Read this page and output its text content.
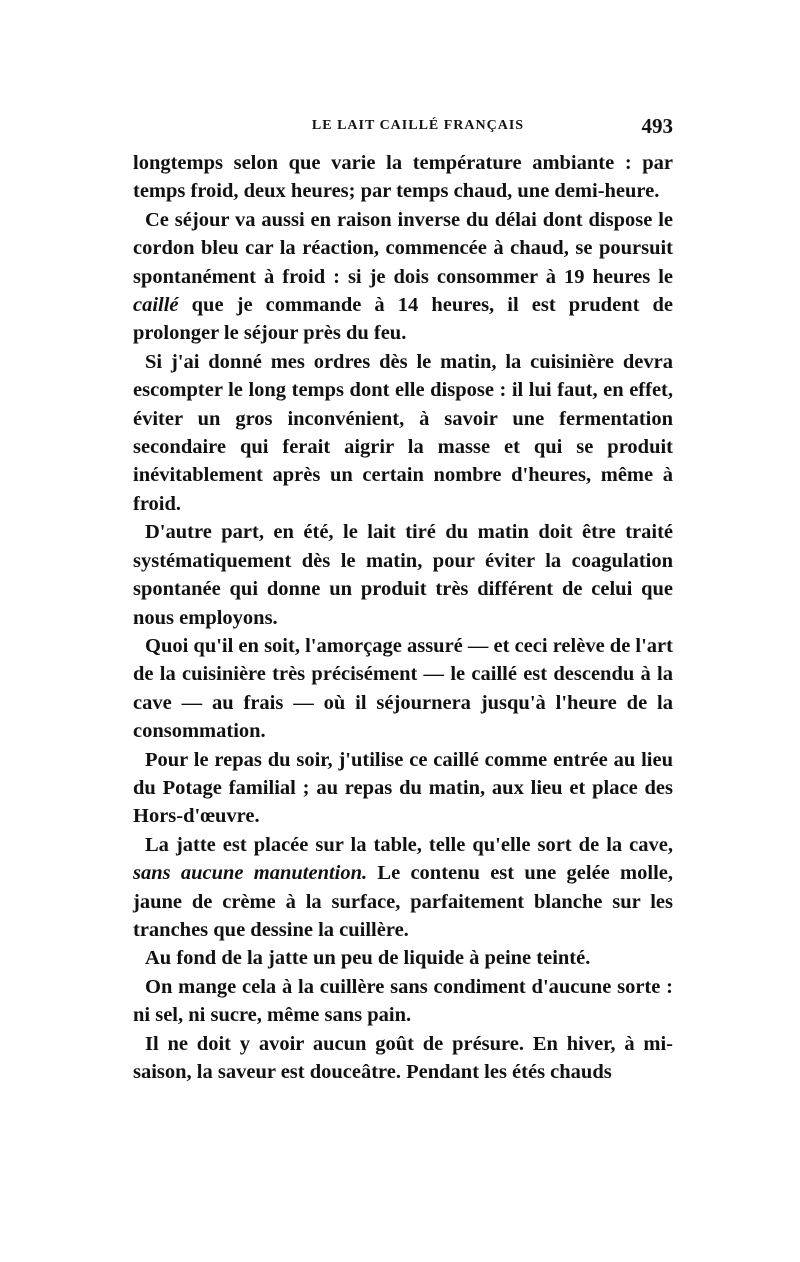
LE LAIT CAILLÉ FRANÇAIS	493

longtemps selon que varie la température ambiante : par temps froid, deux heures; par temps chaud, une demi-heure.

Ce séjour va aussi en raison inverse du délai dont dispose le cordon bleu car la réaction, commencée à chaud, se poursuit spontanément à froid : si je dois consommer à 19 heures le caillé que je commande à 14 heures, il est prudent de prolonger le séjour près du feu.

Si j'ai donné mes ordres dès le matin, la cuisinière devra escompter le long temps dont elle dispose : il lui faut, en effet, éviter un gros inconvénient, à savoir une fermentation secondaire qui ferait aigrir la masse et qui se produit inévitablement après un certain nombre d'heures, même à froid.

D'autre part, en été, le lait tiré du matin doit être traité systématiquement dès le matin, pour éviter la coagulation spontanée qui donne un produit très différent de celui que nous employons.

Quoi qu'il en soit, l'amorçage assuré — et ceci relève de l'art de la cuisinière très précisément — le caillé est descendu à la cave — au frais — où il séjournera jusqu'à l'heure de la consommation.

Pour le repas du soir, j'utilise ce caillé comme entrée au lieu du Potage familial ; au repas du matin, aux lieu et place des Hors-d'œuvre.

La jatte est placée sur la table, telle qu'elle sort de la cave, sans aucune manutention. Le contenu est une gelée molle, jaune de crème à la surface, parfaitement blanche sur les tranches que dessine la cuillère.

Au fond de la jatte un peu de liquide à peine teinté.

On mange cela à la cuillère sans condiment d'aucune sorte : ni sel, ni sucre, même sans pain.

Il ne doit y avoir aucun goût de présure. En hiver, à mi-saison, la saveur est douceâtre. Pendant les étés chauds
